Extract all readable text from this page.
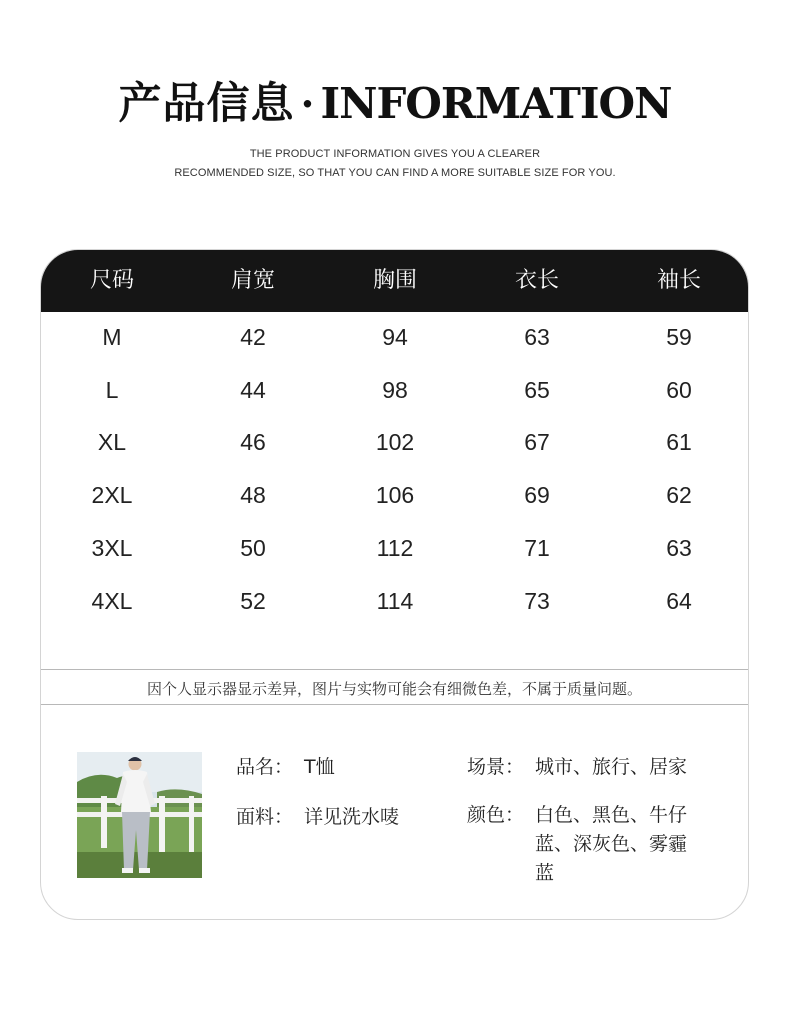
产品信息 · INFORMATION
THE PRODUCT INFORMATION GIVES YOU A CLEARER
RECOMMENDED SIZE, SO THAT YOU CAN FIND A MORE SUITABLE SIZE FOR YOU.
尺码	肩宽	胸围	衣长	袖长
M	42	94	63	59
L	44	98	65	60
XL	46	102	67	61
2XL	48	106	69	62
3XL	50	112	71	63
4XL	52	114	73	64
因个人显示器显示差异，图片与实物可能会有细微色差，不属于质量问题。
品名： T恤
面料： 详见洗水唛
场景： 城市、旅行、居家
颜色： 白色、黑色、牛仔
蓝、深灰色、雾霾
蓝
